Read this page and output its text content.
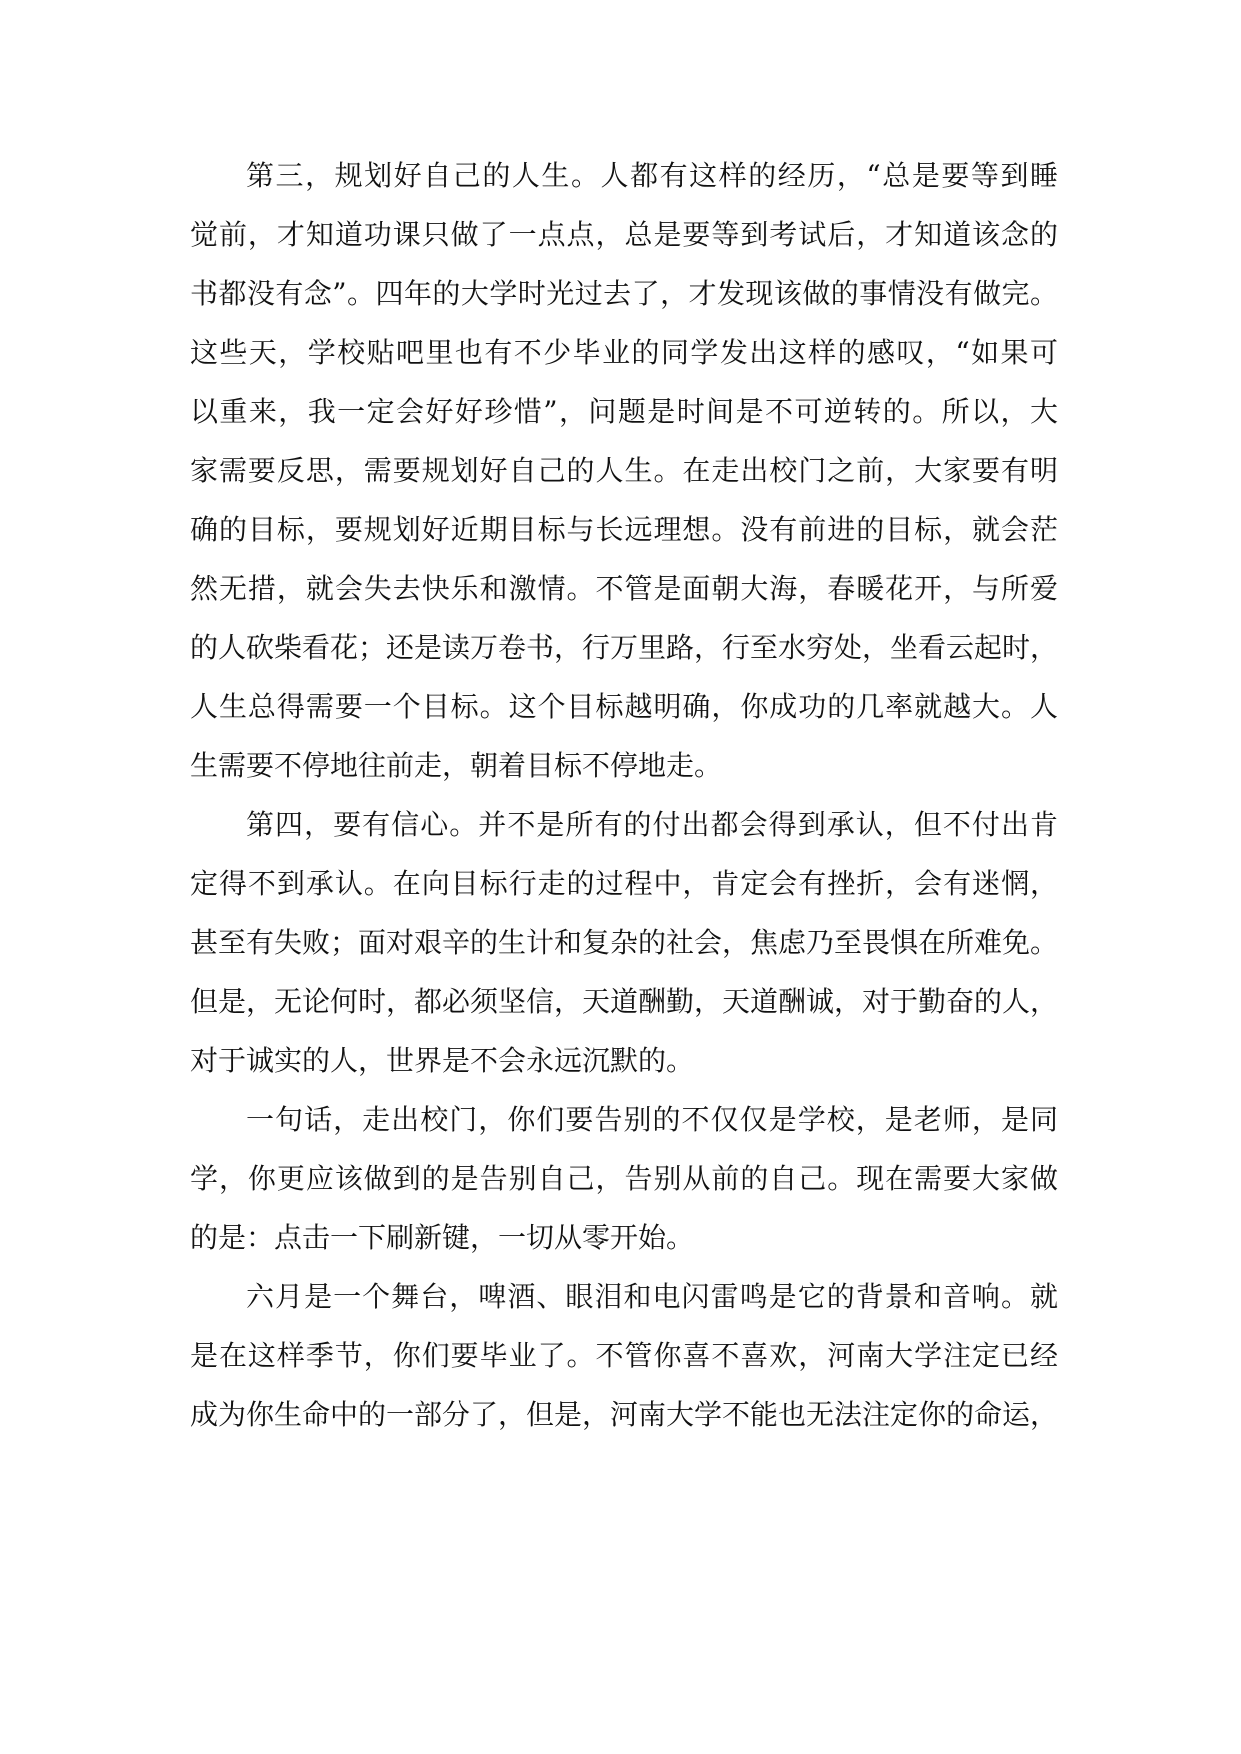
第三，规划好自己的人生。人都有这样的经历，“总是要等到睡
觉前，才知道功课只做了一点点，总是要等到考试后，才知道该念的
书都没有念”。四年的大学时光过去了，才发现该做的事情没有做完。
这些天，学校贴吧里也有不少毕业的同学发出这样的感叹，“如果可
以重来，我一定会好好珍惜”，问题是时间是不可逆转的。所以，大
家需要反思，需要规划好自己的人生。在走出校门之前，大家要有明
确的目标，要规划好近期目标与长远理想。没有前进的目标，就会茫
然无措，就会失去快乐和激情。不管是面朝大海，春暖花开，与所爱
的人砍柴看花；还是读万卷书，行万里路，行至水穷处，坐看云起时，
人生总得需要一个目标。这个目标越明确，你成功的几率就越大。人
生需要不停地往前走，朝着目标不停地走。
第四，要有信心。并不是所有的付出都会得到承认，但不付出肯
定得不到承认。在向目标行走的过程中，肯定会有挫折，会有迷惘，
甚至有失败；面对艰辛的生计和复杂的社会，焦虑乃至畏惧在所难免。
但是，无论何时，都必须坚信，天道酬勤，天道酬诚，对于勤奋的人，
对于诚实的人，世界是不会永远沉默的。
一句话，走出校门，你们要告别的不仅仅是学校，是老师，是同
学，你更应该做到的是告别自己，告别从前的自己。现在需要大家做
的是：点击一下刷新键，一切从零开始。
六月是一个舞台，啤酒、眼泪和电闪雷鸣是它的背景和音响。就
是在这样季节，你们要毕业了。不管你喜不喜欢，河南大学注定已经
成为你生命中的一部分了，但是，河南大学不能也无法注定你的命运，
